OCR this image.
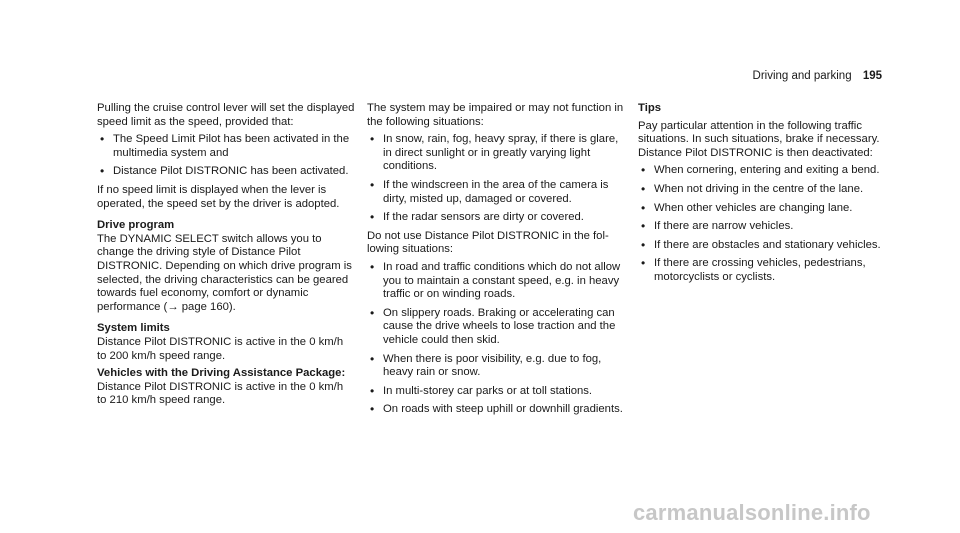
Driving and parking 195

Pulling the cruise control lever will set the displayed speed limit as the speed, provided that:

• The Speed Limit Pilot has been activated in the multimedia system and
• Distance Pilot DISTRONIC has been activated.

If no speed limit is displayed when the lever is operated, the speed set by the driver is adopted.

Drive program

The DYNAMIC SELECT switch allows you to change the driving style of Distance Pilot DISTRONIC. Depending on which drive program is selected, the driving characteristics can be geared towards fuel economy, comfort or dynamic performance (→ page 160).

System limits

Distance Pilot DISTRONIC is active in the 0 km/h to 200 km/h speed range.

Vehicles with the Driving Assistance Package: Distance Pilot DISTRONIC is active in the 0 km/h to 210 km/h speed range.

The system may be impaired or may not function in the following situations:

• In snow, rain, fog, heavy spray, if there is glare, in direct sunlight or in greatly varying light conditions.
• If the windscreen in the area of the camera is dirty, misted up, damaged or covered.
• If the radar sensors are dirty or covered.

Do not use Distance Pilot DISTRONIC in the following situations:

• In road and traffic conditions which do not allow you to maintain a constant speed, e.g. in heavy traffic or on winding roads.
• On slippery roads. Braking or accelerating can cause the drive wheels to lose traction and the vehicle could then skid.
• When there is poor visibility, e.g. due to fog, heavy rain or snow.
• In multi-storey car parks or at toll stations.
• On roads with steep uphill or downhill gradients.

Tips

Pay particular attention in the following traffic situations. In such situations, brake if necessary. Distance Pilot DISTRONIC is then deactivated:

• When cornering, entering and exiting a bend.
• When not driving in the centre of the lane.
• When other vehicles are changing lane.
• If there are narrow vehicles.
• If there are obstacles and stationary vehicles.
• If there are crossing vehicles, pedestrians, motorcyclists or cyclists.
carmanualsonline.info
